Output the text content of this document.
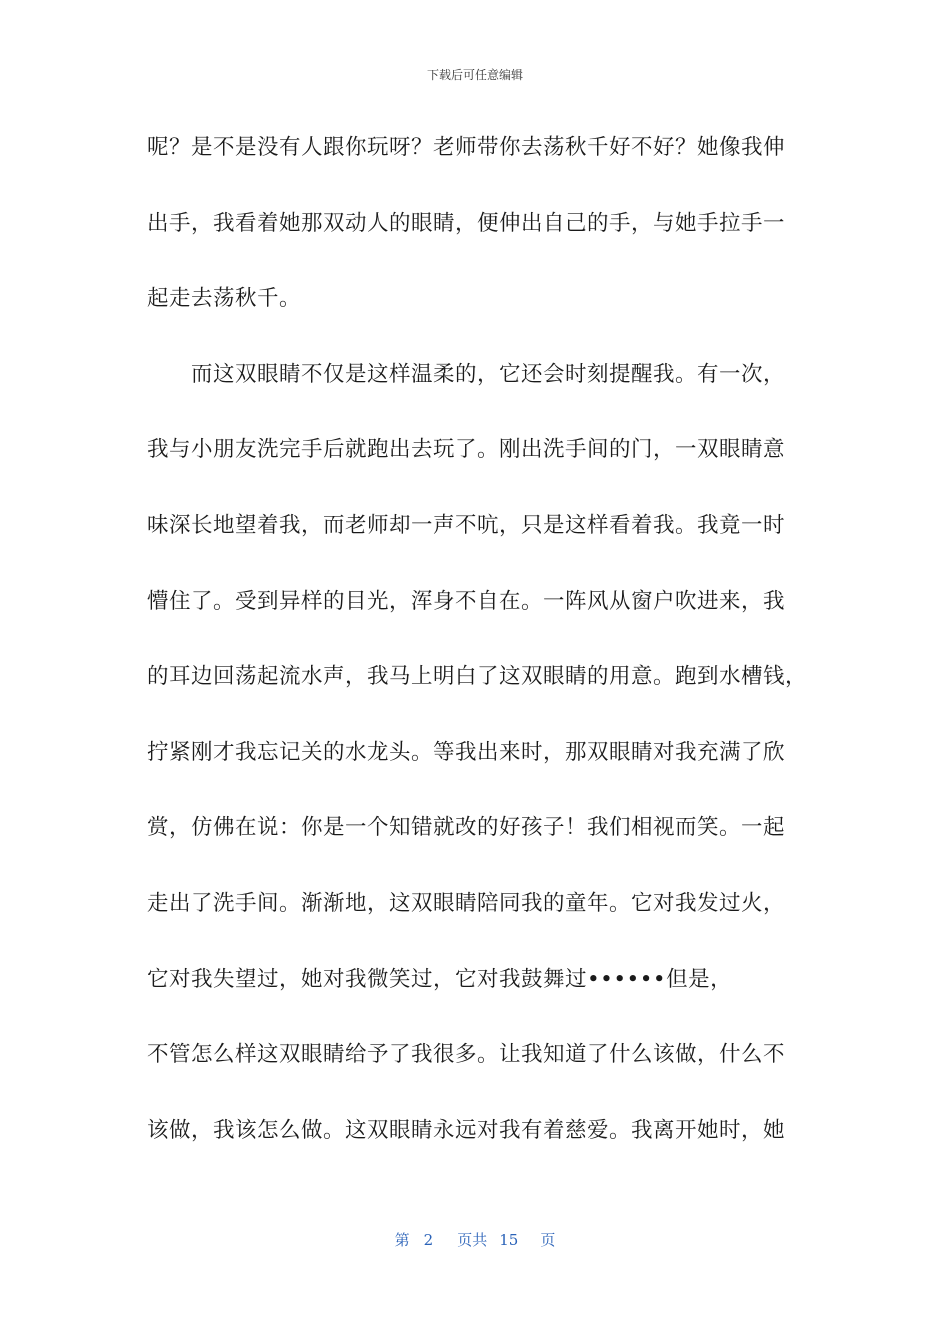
下载后可任意编辑
呢？是不是没有人跟你玩呀？老师带你去荡秋千好不好？她像我伸
出手，我看着她那双动人的眼睛，便伸出自己的手，与她手拉手一
起走去荡秋千。
　　而这双眼睛不仅是这样温柔的，它还会时刻提醒我。有一次，
我与小朋友洗完手后就跑出去玩了。刚出洗手间的门，一双眼睛意
味深长地望着我，而老师却一声不吭，只是这样看着我。我竟一时
懵住了。受到异样的目光，浑身不自在。一阵风从窗户吹进来，我
的耳边回荡起流水声，我马上明白了这双眼睛的用意。跑到水槽钱，
拧紧刚才我忘记关的水龙头。等我出来时，那双眼睛对我充满了欣
赏，仿佛在说：你是一个知错就改的好孩子！我们相视而笑。一起
走出了洗手间。渐渐地，这双眼睛陪同我的童年。它对我发过火，
它对我失望过，她对我微笑过，它对我鼓舞过••••••但是，
不管怎么样这双眼睛给予了我很多。让我知道了什么该做，什么不
该做，我该怎么做。这双眼睛永远对我有着慈爱。我离开她时，她
第 2 页共 15 页
